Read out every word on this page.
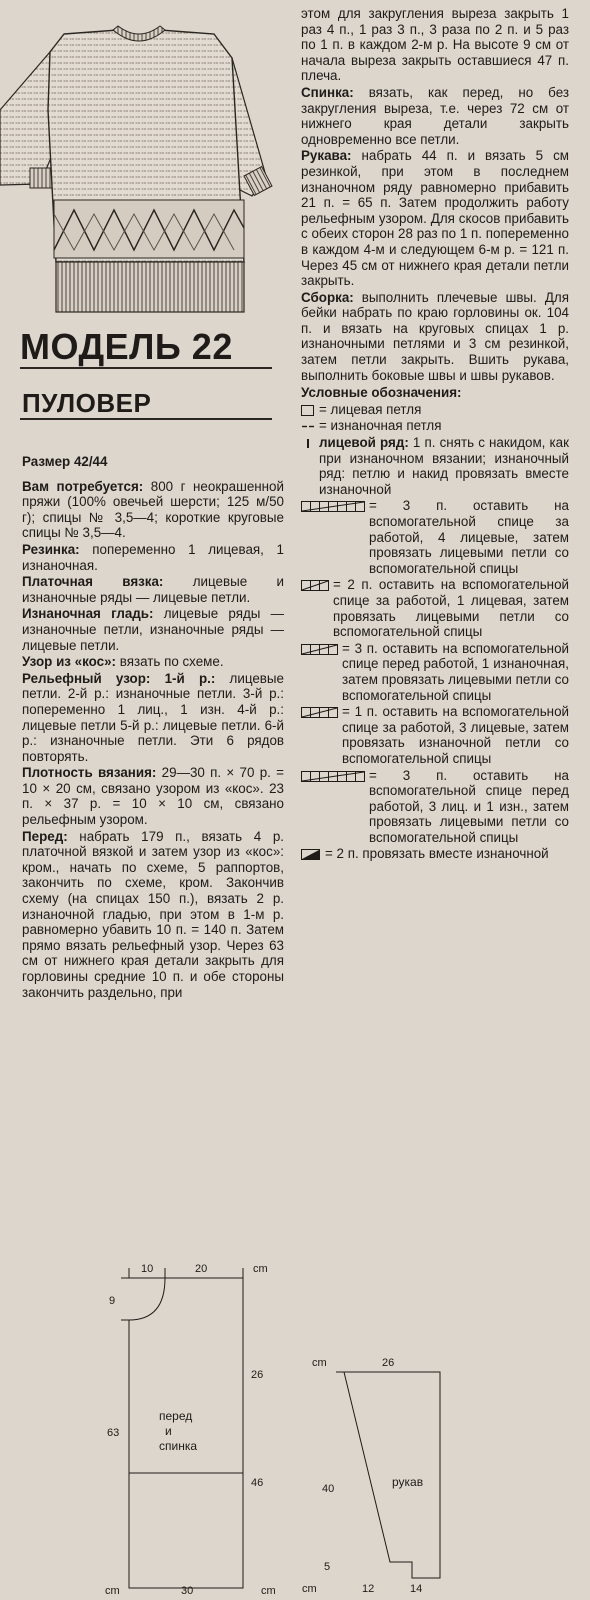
МОДЕЛЬ 22
ПУЛОВЕР
Размер 42/44
Вам потребуется: 800 г неокрашенной пряжи (100% овечьей шерсти; 125 м/50 г); спицы № 3,5—4; короткие круговые спицы № 3,5—4.
Резинка: попеременно 1 лицевая, 1 изнаночная.
Платочная вязка: лицевые и изнаночные ряды — лицевые петли.
Изнаночная гладь: лицевые ряды — изнаночные петли, изнаночные ряды — лицевые петли.
Узор из «кос»: вязать по схеме.
Рельефный узор: 1-й р.: лицевые петли. 2-й р.: изнаночные петли. 3-й р.: попеременно 1 лиц., 1 изн. 4-й р.: лицевые петли 5-й р.: лицевые петли. 6-й р.: изнаночные петли. Эти 6 рядов повторять.
Плотность вязания: 29—30 п. × 70 р. = 10 × 20 см, связано узором из «кос». 23 п. × 37 р. = 10 × 10 см, связано рельефным узором.
Перед: набрать 179 п., вязать 4 р. платочной вязкой и затем узор из «кос»: кром., начать по схеме, 5 раппортов, закончить по схеме, кром. Закончив схему (на спицах 150 п.), вязать 2 р. изнаночной гладью, при этом в 1-м р. равномерно убавить 10 п. = 140 п. Затем прямо вязать рельефный узор. Через 63 см от нижнего края детали закрыть для горловины средние 10 п. и обе стороны закончить раздельно, при
этом для закругления выреза закрыть 1 раз 4 п., 1 раз 3 п., 3 раза по 2 п. и 5 раз по 1 п. в каждом 2-м р. На высоте 9 см от начала выреза закрыть оставшиеся 47 п. плеча.
Спинка: вязать, как перед, но без закругления выреза, т.е. через 72 см от нижнего края детали закрыть одновременно все петли.
Рукава: набрать 44 п. и вязать 5 см резинкой, при этом в последнем изнаночном ряду равномерно прибавить 21 п. = 65 п. Затем продолжить работу рельефным узором. Для скосов прибавить с обеих сторон 28 раз по 1 п. попеременно в каждом 4-м и следующем 6-м р. = 121 п. Через 45 см от нижнего края детали петли закрыть.
Сборка: выполнить плечевые швы. Для бейки набрать по краю горловины ок. 104 п. и вязать на круговых спицах 1 р. изнаночными петлями и 3 см резинкой, затем петли закрыть. Вшить рукава, выполнить боковые швы и швы рукавов.
Условные обозначения:
= лицевая петля
= изнаночная петля
лицевой ряд: 1 п. снять с накидом, как при изнаночном вязании; изнаночный ряд: петлю и накид провязать вместе изнаночной
= 3 п. оставить на вспомогательной спице за работой, 4 лицевые, затем провязать лицевыми петли со вспомогательной спицы
= 2 п. оставить на вспомогательной спице за работой, 1 лицевая, затем провязать лицевыми петли со вспомогательной спицы
= 3 п. оставить на вспомогательной спице перед работой, 1 изнаночная, затем провязать лицевыми петли со вспомогательной спицы
= 1 п. оставить на вспомогательной спице за работой, 3 лицевые, затем провязать изнаночной петли со вспомогательной спицы
= 3 п. оставить на вспомогательной спице перед работой, 3 лиц. и 1 изн., затем провязать лицевыми петли со вспомогательной спицы
= 2 п. провязать вместе изнаночной
cm
10	20
9
26
63
46
перед
и
спинка
cm	30	cm
cm	26
рукав
40
5
cm	12	14
